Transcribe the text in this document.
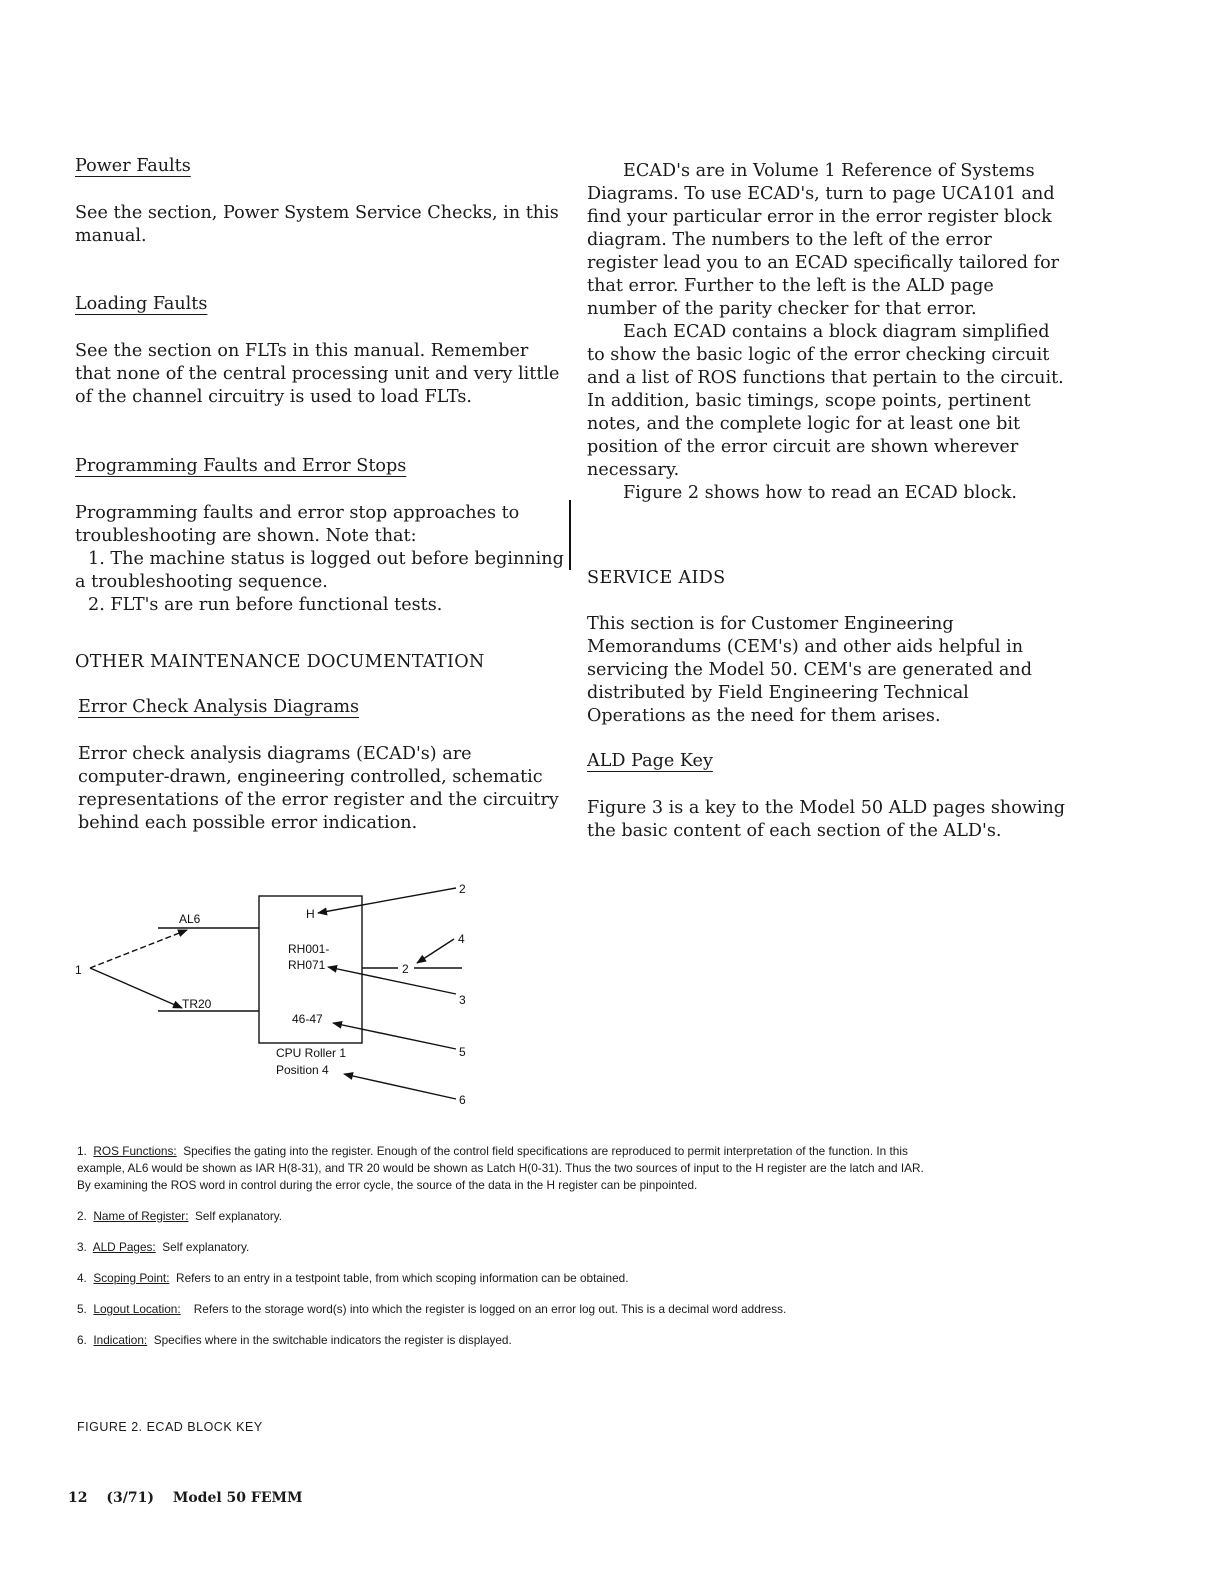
Power Faults

See the section, Power System Service Checks, in this manual.

Loading Faults

See the section on FLTs in this manual. Remember that none of the central processing unit and very little of the channel circuitry is used to load FLTs.

Programming Faults and Error Stops

Programming faults and error stop approaches to troubleshooting are shown. Note that:

1. The machine status is logged out before beginning a troubleshooting sequence.

2. FLT's are run before functional tests.

OTHER MAINTENANCE DOCUMENTATION

Error Check Analysis Diagrams

Error check analysis diagrams (ECAD's) are computer-drawn, engineering controlled, schematic representations of the error register and the circuitry behind each possible error indication.

ECAD's are in Volume 1 Reference of Systems Diagrams. To use ECAD's, turn to page UCA101 and find your particular error in the error register block diagram. The numbers to the left of the error register lead you to an ECAD specifically tailored for that error. Further to the left is the ALD page number of the parity checker for that error.

Each ECAD contains a block diagram simplified to show the basic logic of the error checking circuit and a list of ROS functions that pertain to the circuit. In addition, basic timings, scope points, pertinent notes, and the complete logic for at least one bit position of the error circuit are shown wherever necessary.

Figure 2 shows how to read an ECAD block.

SERVICE AIDS

This section is for Customer Engineering Memorandums (CEM's) and other aids helpful in servicing the Model 50. CEM's are generated and distributed by Field Engineering Technical Operations as the need for them arises.

ALD Page Key

Figure 3 is a key to the Model 50 ALD pages showing the basic content of each section of the ALD's.

AL6
TR20
1
H
RH001-
RH071
46-47
CPU Roller 1
Position 4
2
2
3
4
5
6

1. ROS Functions: Specifies the gating into the register. Enough of the control field specifications are reproduced to permit interpretation of the function. In this example, AL6 would be shown as IAR H(8-31), and TR 20 would be shown as Latch H(0-31). Thus the two sources of input to the H register are the latch and IAR. By examining the ROS word in control during the error cycle, the source of the data in the H register can be pinpointed.

2. Name of Register: Self explanatory.

3. ALD Pages: Self explanatory.

4. Scoping Point: Refers to an entry in a testpoint table, from which scoping information can be obtained.

5. Logout Location: Refers to the storage word(s) into which the register is logged on an error log out. This is a decimal word address.

6. Indication: Specifies where in the switchable indicators the register is displayed.

FIGURE 2. ECAD BLOCK KEY
12 (3/71) Model 50 FEMM
